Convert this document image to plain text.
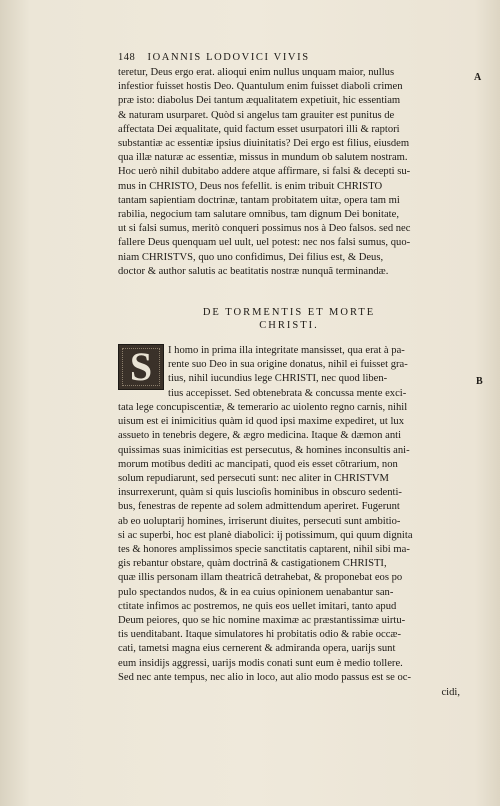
148 IOANNIS LODOVICI VIVIS
A
B
teretur, Deus ergo erat. alioqui enim nullus unquam maior, nullus
infestior fuisset hostis Deo. Quantulum enim fuisset diaboli crimen
præ isto: diabolus Dei tantum æqualitatem expetiuit, hic essentiam
& naturam usurparet. Quòd si angelus tam grauiter est punitus de
affectata Dei æqualitate, quid factum esset usurpatori illi & raptori
substantiæ ac essentiæ ipsius diuinitatis? Dei ergo est filius, eiusdem
qua illæ naturæ ac essentiæ, missus in mundum ob salutem nostram.
Hoc uerò nihil dubitabo addere atque affirmare, si falsi & decepti su-
mus in CHRISTO, Deus nos fefellit. is enim tribuit CHRISTO
tantam sapientiam doctrinæ, tantam probitatem uitæ, opera tam mi
rabilia, negocium tam salutare omnibus, tam dignum Dei bonitate,
ut si falsi sumus, meritò conqueri possimus nos à Deo falsos. sed nec
fallere Deus quenquam uel uult, uel potest: nec nos falsi sumus, quo-
niam CHRISTVS, quo uno confidimus, Dei filius est, & Deus,
doctor & author salutis ac beatitatis nostræ nunquã terminandæ.
DE TORMENTIS ET MORTE
CHRISTI.
S I homo in prima illa integritate mansisset, qua erat à pa-
rente suo Deo in sua origine donatus, nihil ei fuisset gra-
tius, nihil iucundius lege CHRISTI, nec quod liben-
tius accepisset. Sed obtenebrata & concussa mente exci-
tata lege concupiscentiæ, & temerario ac uiolento regno carnis, nihil
uisum est ei inimicitius quàm id quod ipsi maxime expediret, ut lux
assueto in tenebris degere, & ægro medicina. Itaque & dæmon anti
quissimas suas inimicitias est persecutus, & homines inconsultis ani-
morum motibus dediti ac mancipati, quod eis esset cõtrarium, non
solum repudiarunt, sed persecuti sunt: nec aliter in CHRISTVM
insurrexerunt, quàm si quis luscioſis hominibus in obscuro sedenti-
bus, fenestras de repente ad solem admittendum aperiret. Fugerunt
ab eo uoluptarij homines, irriserunt diuites, persecuti sunt ambitio-
si ac superbi, hoc est planè diabolici: ij potissimum, qui quum dignita
tes & honores amplissimos specie sanctitatis captarent, nihil sibi ma-
gis rebantur obstare, quàm doctrinã & castigationem CHRISTI,
quæ illis personam illam theatricã detrahebat, & proponebat eos po
pulo spectandos nudos, & in ea cuius opinionem uenabantur san-
ctitate infimos ac postremos, ne quis eos uellet imitari, tanto apud
Deum peiores, quo se hic nomine maximæ ac præstantissimæ uirtu-
tis uenditabant. Itaque simulatores hi probitatis odio & rabie occæ-
cati, tametsi magna eius cernerent & admiranda opera, uarijs sunt
eum insidijs aggressi, uarijs modis conati sunt eum è medio tollere.
Sed nec ante tempus, nec alio in loco, aut alio modo passus est se oc-
cidi,
